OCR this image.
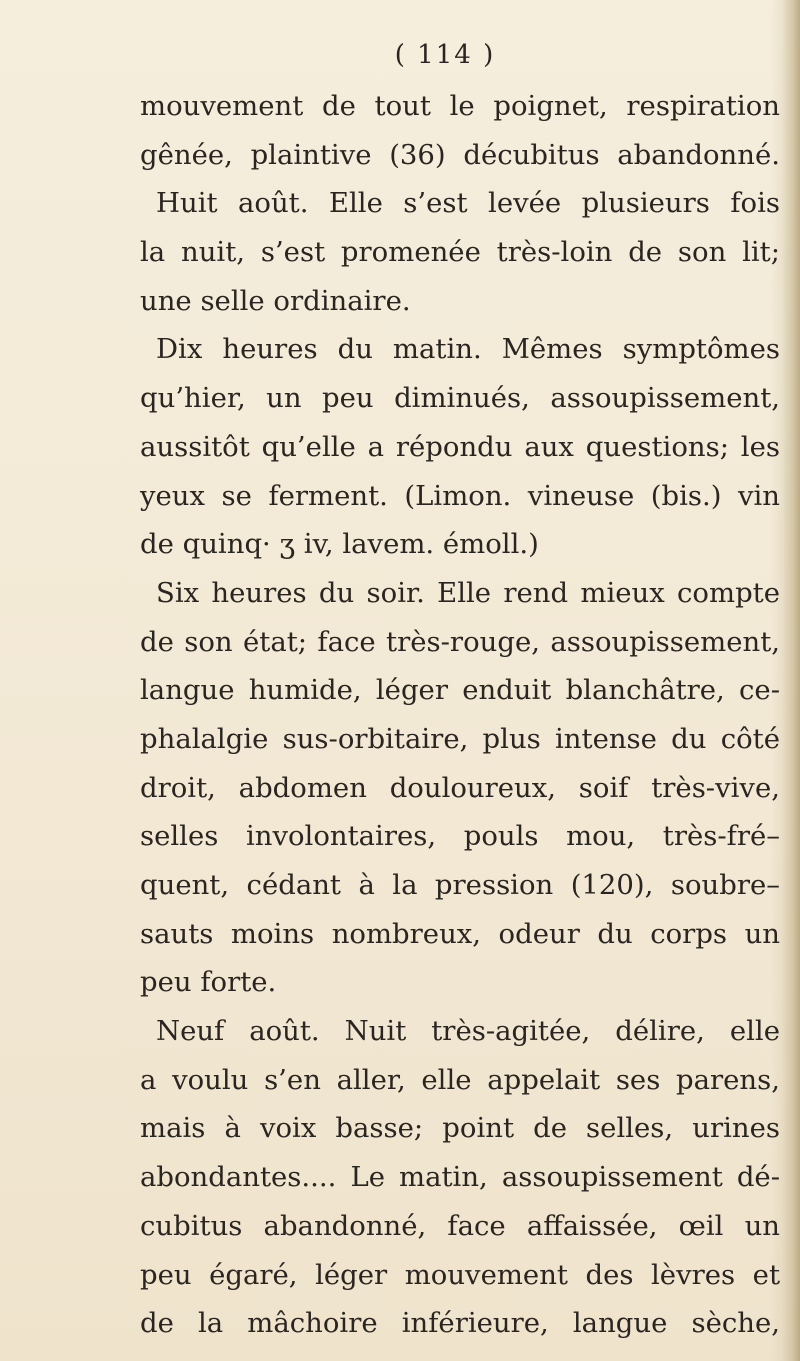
( 114 )
mouvement de tout le poignet, respiration
gênée, plaintive (36) décubitus abandonné.
Huit août. Elle s’est levée plusieurs fois
la nuit, s’est promenée très-loin de son lit;
une selle ordinaire.
Dix heures du matin. Mêmes symptômes
qu’hier, un peu diminués, assoupissement,
aussitôt qu’elle a répondu aux questions; les
yeux se ferment. (Limon. vineuse (bis.) vin
de quinq· ʒ iv, lavem. émoll.)
Six heures du soir. Elle rend mieux compte
de son état; face très-rouge, assoupissement,
langue humide, léger enduit blanchâtre, ce-
phalalgie sus-orbitaire, plus intense du côté
droit, abdomen douloureux, soif très-vive,
selles involontaires, pouls mou, très-fré–
quent, cédant à la pression (120), soubre–
sauts moins nombreux, odeur du corps un
peu forte.
Neuf août. Nuit très-agitée, délire, elle
a voulu s’en aller, elle appelait ses parens,
mais à voix basse; point de selles, urines
abondantes.... Le matin, assoupissement dé-
cubitus abandonné, face affaissée, œil un
peu égaré, léger mouvement des lèvres et
de la mâchoire inférieure, langue sèche,
